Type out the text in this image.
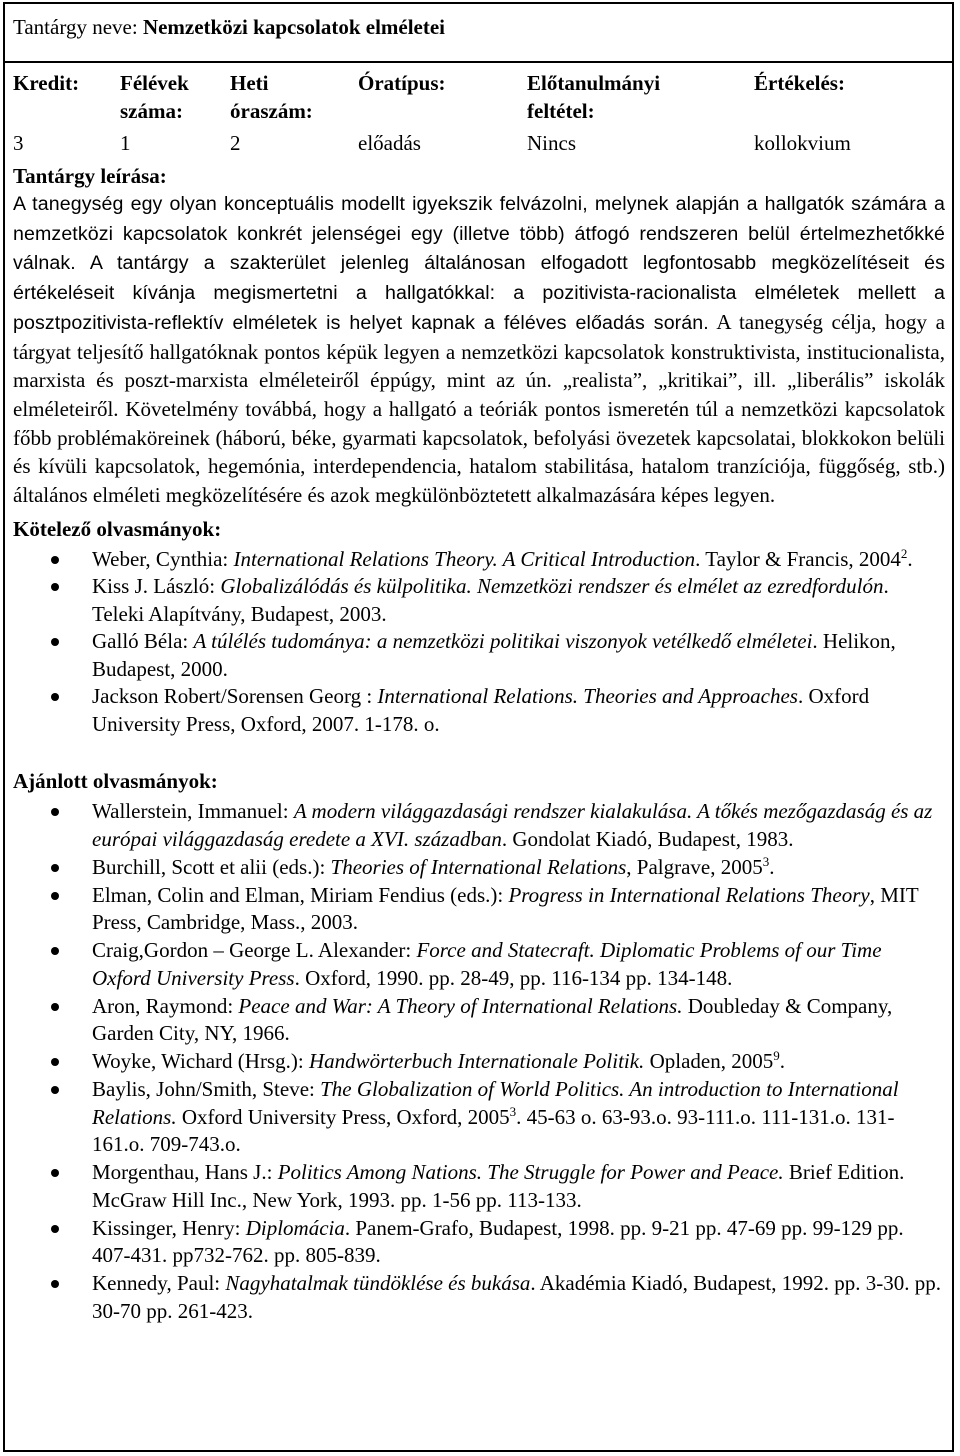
Tantárgy neve: Nemzetközi kapcsolatok elméletei
Kredit:
3
Félévek száma:
1
Heti óraszám:
2
Óratípus:
előadás
Előtanulmányi feltétel:
Nincs
Értékelés:
kollokvium
Tantárgy leírása:

A tanegység egy olyan konceptuális modellt igyekszik felvázolni, melynek alapján a hallgatók számára a nemzetközi kapcsolatok konkrét jelenségei egy (illetve több) átfogó rendszeren belül értelmezhetőkké válnak. A tantárgy a szakterület jelenleg általánosan elfogadott legfontosabb megközelítéseit és értékeléseit kívánja megismertetni a hallgatókkal: a pozitivista-racionalista elméletek mellett a posztpozitivista-reflektív elméletek is helyet kapnak a féléves előadás során. A tanegység célja, hogy a tárgyat teljesítő hallgatóknak pontos képük legyen a nemzetközi kapcsolatok konstruktivista, institucionalista, marxista és poszt-marxista elméleteiről éppúgy, mint az ún. „realista”, „kritikai”, ill. „liberális” iskolák elméleteiről. Követelmény továbbá, hogy a hallgató a teóriák pontos ismeretén túl a nemzetközi kapcsolatok főbb problémaköreinek (háború, béke, gyarmati kapcsolatok, befolyási övezetek kapcsolatai, blokkokon belüli és kívüli kapcsolatok, hegemónia, interdependencia, hatalom stabilitása, hatalom tranzíciója, függőség, stb.) általános elméleti megközelítésére és azok megkülönböztetett alkalmazására képes legyen.

Kötelező olvasmányok:
Weber, Cynthia: International Relations Theory. A Critical Introduction. Taylor & Francis, 2004$^2$.
Kiss J. László: Globalizálódás és külpolitika. Nemzetközi rendszer és elmélet az ezredfordulón. Teleki Alapítvány, Budapest, 2003.
Galló Béla: A túlélés tudománya: a nemzetközi politikai viszonyok vetélkedő elméletei. Helikon, Budapest, 2000.
Jackson Robert/Sorensen Georg : International Relations. Theories and Approaches. Oxford University Press, Oxford, 2007. 1-178. o.
Ajánlott olvasmányok:
Wallerstein, Immanuel: A modern világgazdasági rendszer kialakulása. A tőkés mezőgazdaság és az európai világgazdaság eredete a XVI. században. Gondolat Kiadó, Budapest, 1983.
Burchill, Scott et alii (eds.): Theories of International Relations, Palgrave, 2005$^3$.
Elman, Colin and Elman, Miriam Fendius (eds.): Progress in International Relations Theory, MIT Press, Cambridge, Mass., 2003.
Craig,Gordon – George L. Alexander: Force and Statecraft. Diplomatic Problems of our Time Oxford University Press. Oxford, 1990. pp. 28-49, pp. 116-134 pp. 134-148.
Aron, Raymond: Peace and War: A Theory of International Relations. Doubleday & Company, Garden City, NY, 1966.
Woyke, Wichard (Hrsg.): Handwörterbuch Internationale Politik. Opladen, 2005$^9$.
Baylis, John/Smith, Steve: The Globalization of World Politics. An introduction to International Relations. Oxford University Press, Oxford, 2005$^3$. 45-63 o. 63-93.o. 93-111.o. 111-131.o. 131-161.o. 709-743.o.
Morgenthau, Hans J.: Politics Among Nations. The Struggle for Power and Peace. Brief Edition. McGraw Hill Inc., New York, 1993. pp. 1-56 pp. 113-133.
Kissinger, Henry: Diplomácia. Panem-Grafo, Budapest, 1998. pp. 9-21 pp. 47-69 pp. 99-129 pp. 407-431. pp732-762. pp. 805-839.
Kennedy, Paul: Nagyhatalmak tündöklése és bukása. Akadémia Kiadó, Budapest, 1992. pp. 3-30. pp. 30-70 pp. 261-423.
